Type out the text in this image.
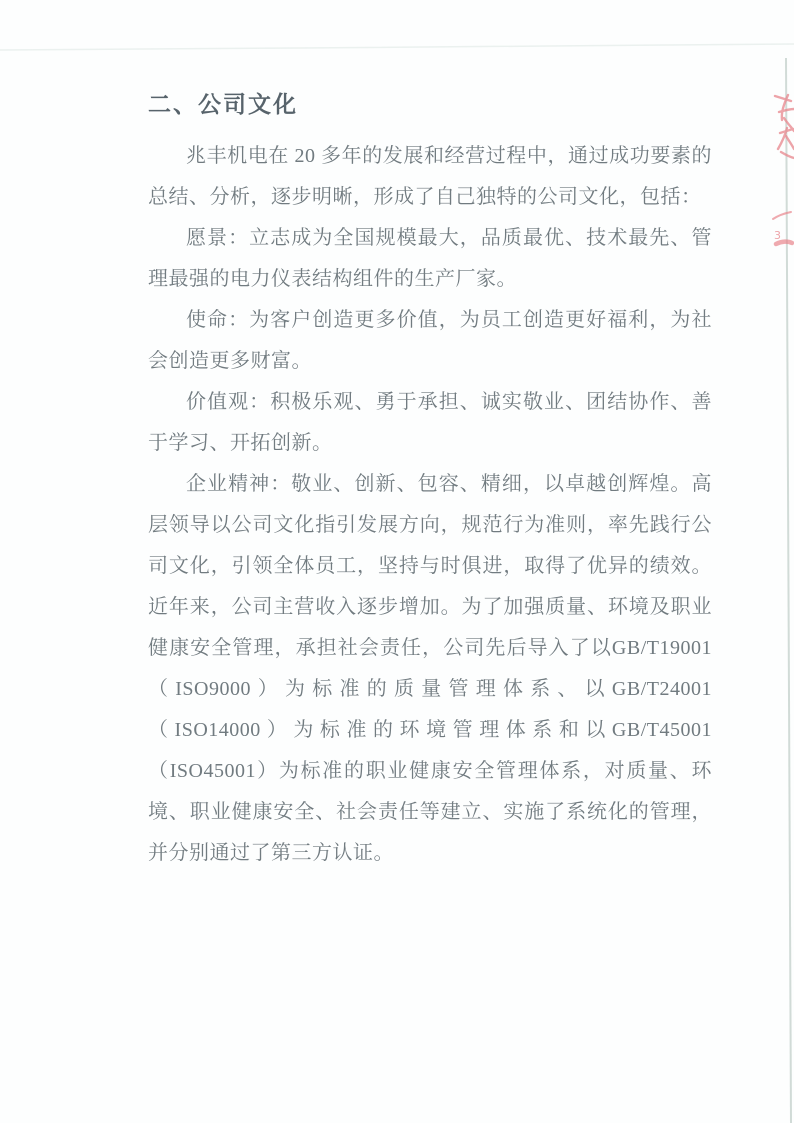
二、公司文化

兆丰机电在 20 多年的发展和经营过程中，通过成功要素的总结、分析，逐步明晰，形成了自己独特的公司文化，包括：

愿景：立志成为全国规模最大，品质最优、技术最先、管理最强的电力仪表结构组件的生产厂家。

使命：为客户创造更多价值，为员工创造更好福利，为社会创造更多财富。

价值观：积极乐观、勇于承担、诚实敬业、团结协作、善于学习、开拓创新。

企业精神：敬业、创新、包容、精细，以卓越创辉煌。高层领导以公司文化指引发展方向，规范行为准则，率先践行公司文化，引领全体员工，坚持与时俱进，取得了优异的绩效。近年来，公司主营收入逐步增加。为了加强质量、环境及职业健康安全管理，承担社会责任，公司先后导入了以GB/T19001（ISO9000）为标准的质量管理体系、以GB/T24001（ISO14000）为标准的环境管理体系和以GB/T45001（ISO45001）为标准的职业健康安全管理体系，对质量、环境、职业健康安全、社会责任等建立、实施了系统化的管理，并分别通过了第三方认证。

3
